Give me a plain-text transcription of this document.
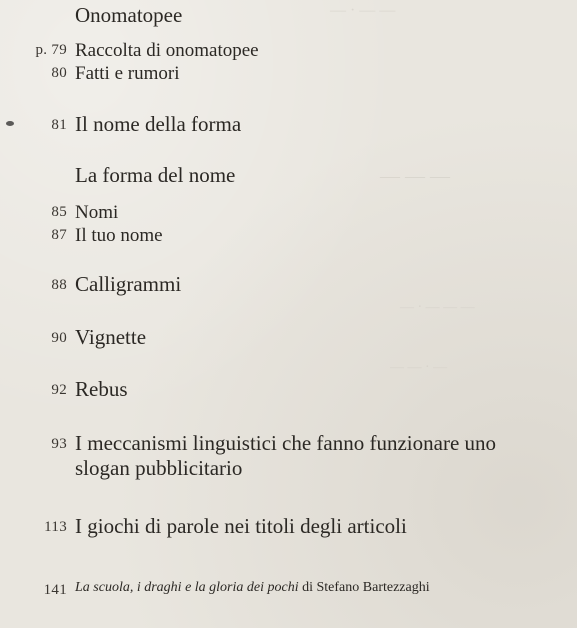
— · — —
— — —
— · — — —
— — · —
Onomatopee
p. 79 Raccolta di onomatopee
80 Fatti e rumori
81 Il nome della forma
La forma del nome
85 Nomi
87 Il tuo nome
88 Calligrammi
90 Vignette
92 Rebus
93 I meccanismi linguistici che fanno funzionare uno slogan pubblicitario
113 I giochi di parole nei titoli degli articoli
141 La scuola, i draghi e la gloria dei pochi di Stefano Bartezzaghi
